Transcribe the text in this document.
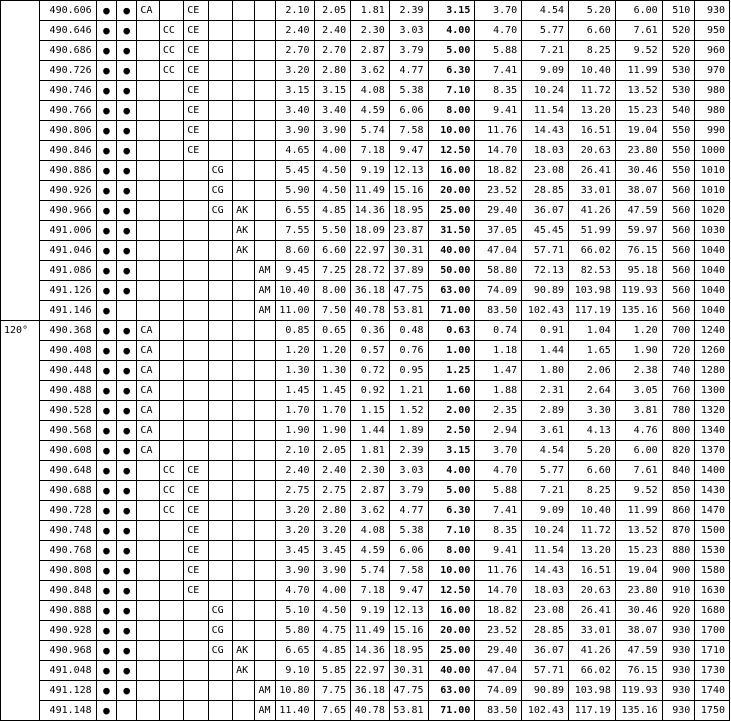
	490.606	●	●	CA		CE				2.10	2.05	1.81	2.39	3.15	3.70	4.54	5.20	6.00	510	930
	490.646	●	●		CC	CE				2.40	2.40	2.30	3.03	4.00	4.70	5.77	6.60	7.61	520	950
	490.686	●	●		CC	CE				2.70	2.70	2.87	3.79	5.00	5.88	7.21	8.25	9.52	520	960
	490.726	●	●		CC	CE				3.20	2.80	3.62	4.77	6.30	7.41	9.09	10.40	11.99	530	970
	490.746	●	●			CE				3.15	3.15	4.08	5.38	7.10	8.35	10.24	11.72	13.52	530	980
	490.766	●	●			CE				3.40	3.40	4.59	6.06	8.00	9.41	11.54	13.20	15.23	540	980
	490.806	●	●			CE				3.90	3.90	5.74	7.58	10.00	11.76	14.43	16.51	19.04	550	990
	490.846	●	●			CE				4.65	4.00	7.18	9.47	12.50	14.70	18.03	20.63	23.80	550	1000
	490.886	●	●				CG			5.45	4.50	9.19	12.13	16.00	18.82	23.08	26.41	30.46	550	1010
	490.926	●	●				CG			5.90	4.50	11.49	15.16	20.00	23.52	28.85	33.01	38.07	560	1010
	490.966	●	●				CG	AK		6.55	4.85	14.36	18.95	25.00	29.40	36.07	41.26	47.59	560	1020
	491.006	●	●					AK		7.55	5.50	18.09	23.87	31.50	37.05	45.45	51.99	59.97	560	1030
	491.046	●	●					AK		8.60	6.60	22.97	30.31	40.00	47.04	57.71	66.02	76.15	560	1040
	491.086	●	●						AM	9.45	7.25	28.72	37.89	50.00	58.80	72.13	82.53	95.18	560	1040
	491.126	●	●						AM	10.40	8.00	36.18	47.75	63.00	74.09	90.89	103.98	119.93	560	1040
	491.146	●							AM	11.00	7.50	40.78	53.81	71.00	83.50	102.43	117.19	135.16	560	1040
120°	490.368	●	●	CA						0.85	0.65	0.36	0.48	0.63	0.74	0.91	1.04	1.20	700	1240
	490.408	●	●	CA						1.20	1.20	0.57	0.76	1.00	1.18	1.44	1.65	1.90	720	1260
	490.448	●	●	CA						1.30	1.30	0.72	0.95	1.25	1.47	1.80	2.06	2.38	740	1280
	490.488	●	●	CA						1.45	1.45	0.92	1.21	1.60	1.88	2.31	2.64	3.05	760	1300
	490.528	●	●	CA						1.70	1.70	1.15	1.52	2.00	2.35	2.89	3.30	3.81	780	1320
	490.568	●	●	CA						1.90	1.90	1.44	1.89	2.50	2.94	3.61	4.13	4.76	800	1340
	490.608	●	●	CA						2.10	2.05	1.81	2.39	3.15	3.70	4.54	5.20	6.00	820	1370
	490.648	●	●		CC	CE				2.40	2.40	2.30	3.03	4.00	4.70	5.77	6.60	7.61	840	1400
	490.688	●	●		CC	CE				2.75	2.75	2.87	3.79	5.00	5.88	7.21	8.25	9.52	850	1430
	490.728	●	●		CC	CE				3.20	2.80	3.62	4.77	6.30	7.41	9.09	10.40	11.99	860	1470
	490.748	●	●			CE				3.20	3.20	4.08	5.38	7.10	8.35	10.24	11.72	13.52	870	1500
	490.768	●	●			CE				3.45	3.45	4.59	6.06	8.00	9.41	11.54	13.20	15.23	880	1530
	490.808	●	●			CE				3.90	3.90	5.74	7.58	10.00	11.76	14.43	16.51	19.04	900	1580
	490.848	●	●			CE				4.70	4.00	7.18	9.47	12.50	14.70	18.03	20.63	23.80	910	1630
	490.888	●	●				CG			5.10	4.50	9.19	12.13	16.00	18.82	23.08	26.41	30.46	920	1680
	490.928	●	●				CG			5.80	4.75	11.49	15.16	20.00	23.52	28.85	33.01	38.07	930	1700
	490.968	●	●				CG	AK		6.65	4.85	14.36	18.95	25.00	29.40	36.07	41.26	47.59	930	1710
	491.048	●	●					AK		9.10	5.85	22.97	30.31	40.00	47.04	57.71	66.02	76.15	930	1730
	491.128	●	●						AM	10.80	7.75	36.18	47.75	63.00	74.09	90.89	103.98	119.93	930	1740
	491.148	●							AM	11.40	7.65	40.78	53.81	71.00	83.50	102.43	117.19	135.16	930	1750
